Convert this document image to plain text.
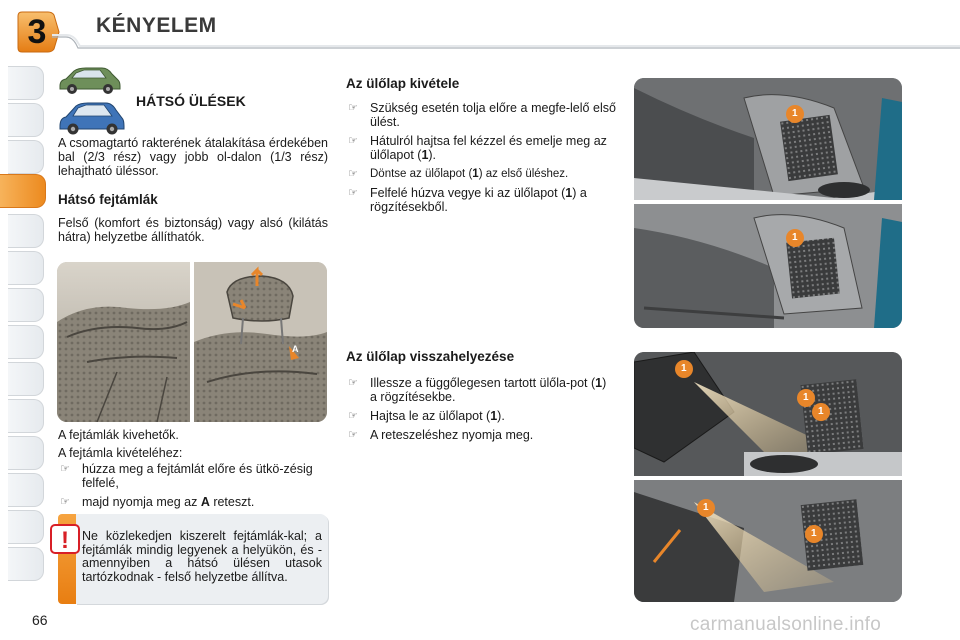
3	KÉNYELEM
HÁTSÓ ÜLÉSEK
A csomagtartó rakterének átalakítása érdekében bal (2/3 rész) vagy jobb ol-dalon (1/3 rész) lehajtható üléssor.
Hátsó fejtámlák
Felső (komfort és biztonság) vagy alsó (kilátás hátra) helyzetbe állíthatók.
A
A fejtámlák kivehetők.
A fejtámla kivételéhez:
☞ húzza meg a fejtámlát előre és ütkö-zésig felfelé,
☞ majd nyomja meg az A reteszt.
! Ne közlekedjen kiszerelt fejtámlák-kal; a fejtámlák mindig legyenek a helyükön, és - amennyiben a hátsó ülésen utasok tartózkodnak - felső helyzetbe állítva.
Az ülőlap kivétele
☞ Szükség esetén tolja előre a megfe-lelő első ülést.
☞ Hátulról hajtsa fel kézzel és emelje meg az ülőlapot (1).
☞ Döntse az ülőlapot (1) az első üléshez.
☞ Felfelé húzva vegye ki az ülőlapot (1) a rögzítésekből.
Az ülőlap visszahelyezése
☞ Illessze a függőlegesen tartott ülőla-pot (1) a rögzítésekbe.
☞ Hajtsa le az ülőlapot (1).
☞ A reteszeléshez nyomja meg.
1
1
1
1
1
1
1
66	carmanualsonline.info
